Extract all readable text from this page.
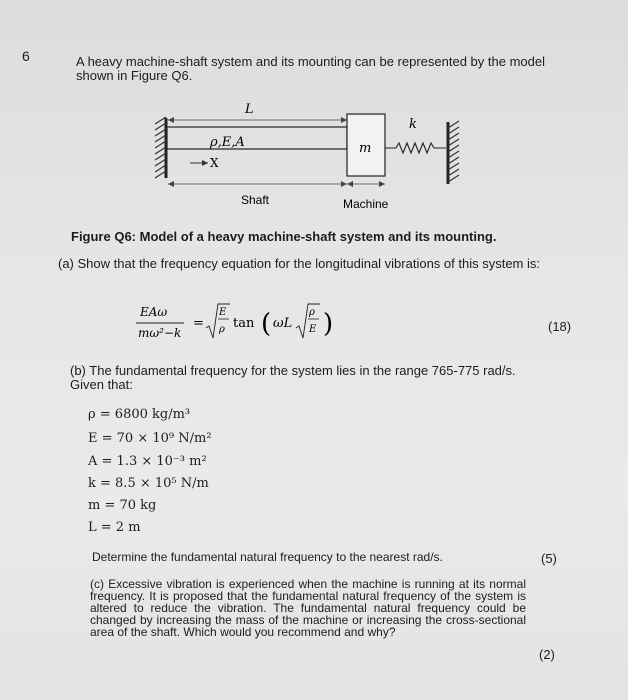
6	A heavy machine-shaft system and its mounting can be represented by the model shown in Figure Q6.
L
ρ,E,A
X
m
k
Shaft	Machine
Figure Q6: Model of a heavy machine-shaft system and its mounting.
(a) Show that the frequency equation for the longitudinal vibrations of this system is:
EAω
mω²−k
=
E
ρ tan ( ωL
ρ
E )	(18)
(b) The fundamental frequency for the system lies in the range 765-775 rad/s. Given that:
ρ = 6800 kg/m³
E = 70 × 10⁹ N/m²
A = 1.3 × 10⁻³ m²
k = 8.5 × 10⁵ N/m
m = 70 kg
L = 2 m
Determine the fundamental natural frequency to the nearest rad/s.	(5)
(c) Excessive vibration is experienced when the machine is running at its normal frequency. It is proposed that the fundamental natural frequency of the system is altered to reduce the vibration. The fundamental natural frequency could be changed by increasing the mass of the machine or increasing the cross-sectional area of the shaft. Which would you recommend and why?
(2)
